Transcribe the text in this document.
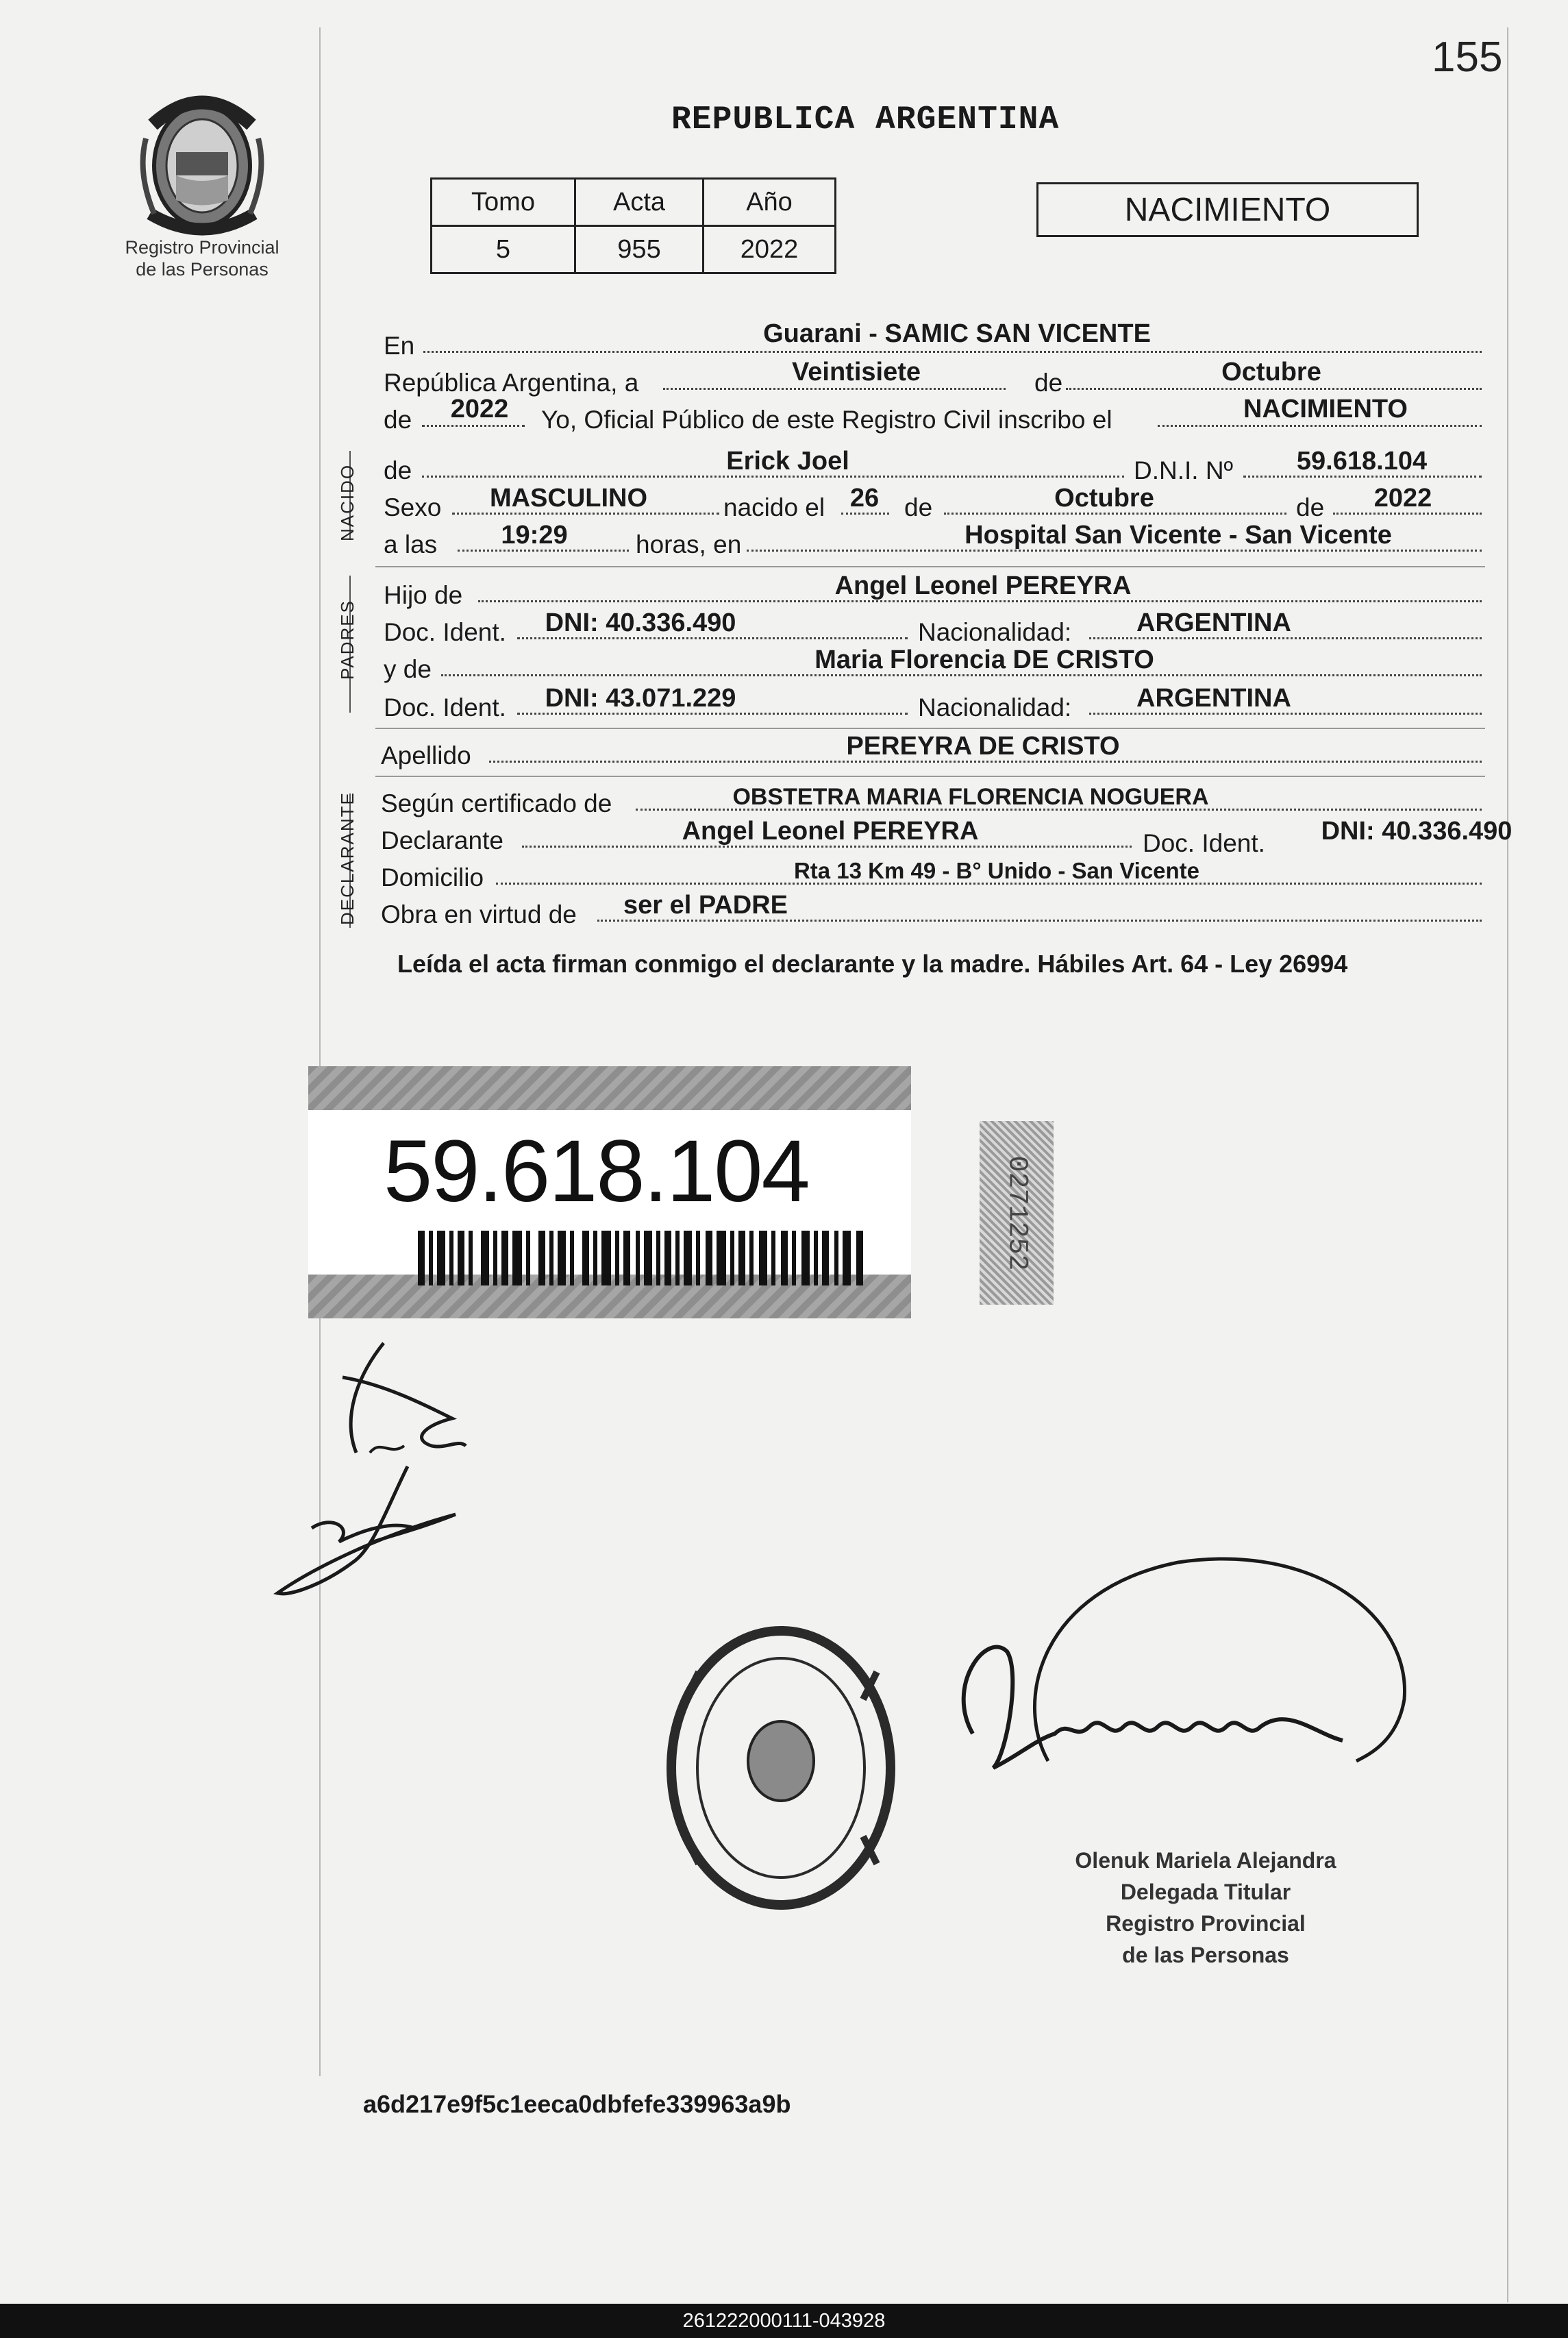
155
Registro Provincial
de las Personas
REPUBLICA ARGENTINA
Tomo	Acta	Año
5	955	2022
NACIMIENTO
En	Guarani - SAMIC SAN VICENTE
República Argentina, a	Veintisiete	de	Octubre
de 2022 Yo, Oficial Público de este Registro Civil inscribo el	NACIMIENTO
NACIDO de	Erick Joel	D.N.I. Nº 59.618.104
Sexo MASCULINO	nacido el 26 de	Octubre	de 2022
a las 19:29	horas, en	Hospital San Vicente - San Vicente
PADRES
Hijo de	Angel Leonel PEREYRA
Doc. Ident. DNI: 40.336.490	Nacionalidad: ARGENTINA
y de	Maria Florencia DE CRISTO
Doc. Ident. DNI: 43.071.229	Nacionalidad: ARGENTINA
Apellido	PEREYRA DE CRISTO
DECLARANTE Según certificado de	OBSTETRA MARIA FLORENCIA NOGUERA
Declarante	Angel Leonel PEREYRA	Doc. Ident. DNI: 40.336.490
Domicilio	Rta 13 Km 49 - B° Unido - San Vicente
Obra en virtud de ser el PADRE
Leída el acta firman conmigo el declarante y la madre. Hábiles Art. 64 - Ley 26994
59.618.104	0271252
Olenuk Mariela Alejandra
Delegada Titular
Registro Provincial
de las Personas
a6d217e9f5c1eeca0dbfefe339963a9b
261222000111-043928
